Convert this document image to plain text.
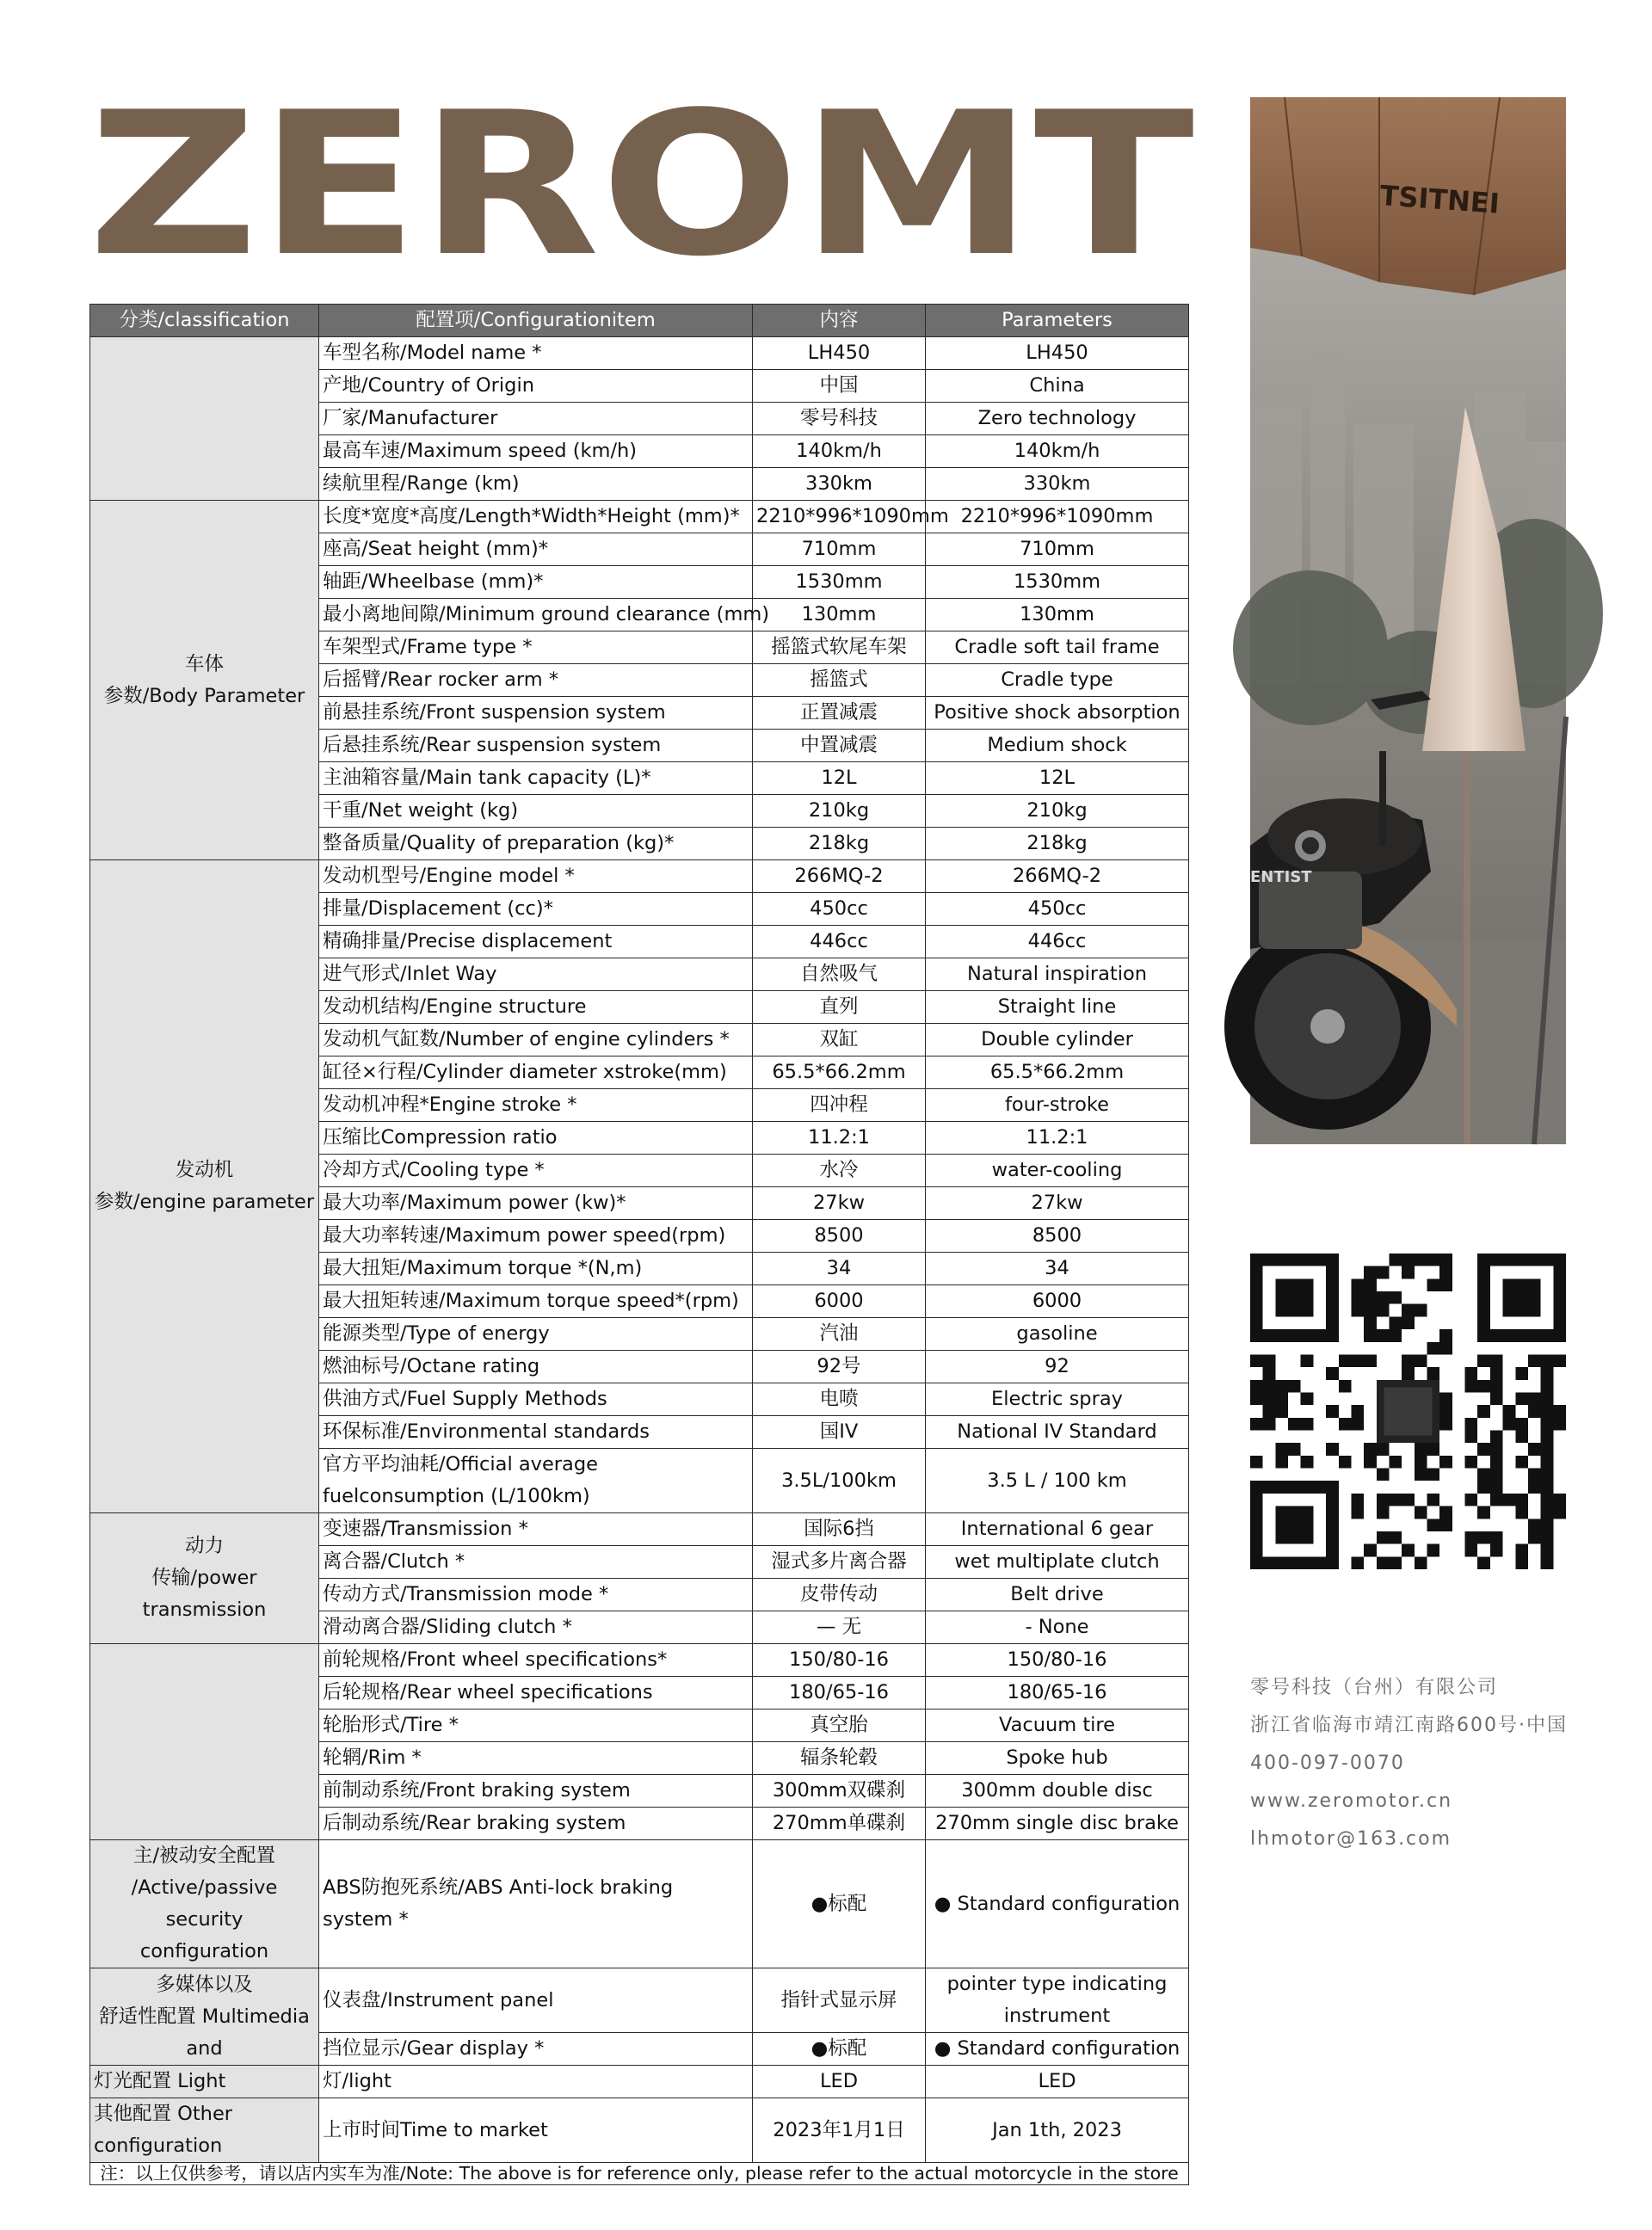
ZEROMT
分类/classification	配置项/Configurationitem	内容	Parameters
	车型名称/Model name *	LH450	LH450
	产地/Country of Origin	中国	China
	厂家/Manufacturer	零号科技	Zero technology
	最高车速/Maximum speed (km/h)	140km/h	140km/h
	续航里程/Range (km)	330km	330km

车体
参数/Body Parameter	长度*宽度*高度/Length*Width*Height (mm)*	2210*996*1090mm	2210*996*1090mm
	座高/Seat height (mm)*	710mm	710mm
	轴距/Wheelbase (mm)*	1530mm	1530mm
	最小离地间隙/Minimum ground clearance (mm)	130mm	130mm
	车架型式/Frame type *	摇篮式软尾车架	Cradle soft tail frame
	后摇臂/Rear rocker arm *	摇篮式	Cradle type
	前悬挂系统/Front suspension system	正置减震	Positive shock absorption
	后悬挂系统/Rear suspension system	中置减震	Medium shock
	主油箱容量/Main tank capacity (L)*	12L	12L
	干重/Net weight (kg)	210kg	210kg
	整备质量/Quality of preparation (kg)*	218kg	218kg

发动机
参数/engine parameter	发动机型号/Engine model *	266MQ-2	266MQ-2
	排量/Displacement (cc)*	450cc	450cc
	精确排量/Precise displacement	446cc	446cc
	进气形式/Inlet Way	自然吸气	Natural inspiration
	发动机结构/Engine structure	直列	Straight line
	发动机气缸数/Number of engine cylinders *	双缸	Double cylinder
	缸径×行程/Cylinder diameter xstroke(mm)	65.5*66.2mm	65.5*66.2mm
	发动机冲程*Engine stroke *	四冲程	four-stroke
	压缩比Compression ratio	11.2:1	11.2:1
	冷却方式/Cooling type *	水冷	water-cooling
	最大功率/Maximum power (kw)*	27kw	27kw
	最大功率转速/Maximum power speed(rpm)	8500	8500
	最大扭矩/Maximum torque *(N,m)	34	34
	最大扭矩转速/Maximum torque speed*(rpm)	6000	6000
	能源类型/Type of energy	汽油	gasoline
	燃油标号/Octane rating	92号	92
	供油方式/Fuel Supply Methods	电喷	Electric spray
	环保标准/Environmental standards	国IV	National IV Standard
	官方平均油耗/Official average fuelconsumption (L/100km)	3.5L/100km	3.5 L / 100 km

动力
传输/power transmission	变速器/Transmission *	国际6挡	International 6 gear
	离合器/Clutch *	湿式多片离合器	wet multiplate clutch
	传动方式/Transmission mode *	皮带传动	Belt drive
	滑动离合器/Sliding clutch *	— 无	- None
	前轮规格/Front wheel specifications*	150/80-16	150/80-16
	后轮规格/Rear wheel specifications	180/65-16	180/65-16
	轮胎形式/Tire *	真空胎	Vacuum tire
	轮辋/Rim *	辐条轮毂	Spoke hub
	前制动系统/Front braking system	300mm双碟刹	300mm double disc
	后制动系统/Rear braking system	270mm单碟刹	270mm single disc brake

主/被动安全配置
/Active/passive security
configuration	ABS防抱死系统/ABS Anti-lock braking system *	●标配	● Standard configuration

多媒体以及
舒适性配置 Multimedia
and	仪表盘/Instrument panel	指针式显示屏	pointer type indicating instrument
	挡位显示/Gear display *	●标配	● Standard configuration

灯光配置 Light	灯/light	LED	LED

其他配置 Other
configuration	上市时间Time to market	2023年1月1日	Jan 1th, 2023
注：以上仅供参考，请以店内实车为准/Note: The above is for reference only, please refer to the actual motorcycle in the store			
TSITNEI
ENTIST
零号科技（台州）有限公司
浙江省临海市靖江南路600号·中国
400-097-0070
www.zeromotor.cn
lhmotor@163.com
